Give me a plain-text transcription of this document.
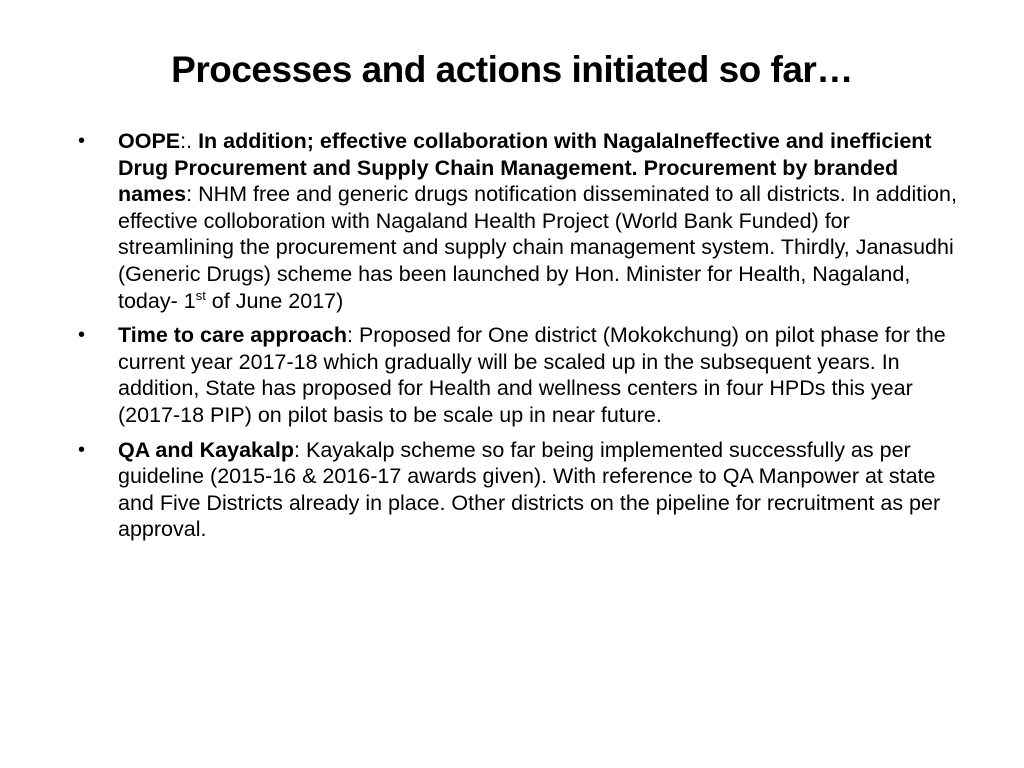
Processes and actions initiated so far…
• OOPE:. In addition; effective collaboration with NagalaIneffective and inefficient Drug Procurement and Supply Chain Management. Procurement by branded names: NHM free and generic drugs notification disseminated to all districts. In addition, effective colloboration with Nagaland Health Project (World Bank Funded) for streamlining the procurement and supply chain management system. Thirdly, Janasudhi (Generic Drugs) scheme has been launched by Hon. Minister for Health, Nagaland, today- 1st of June 2017)
• Time to care approach: Proposed for One district (Mokokchung) on pilot phase for the current year 2017-18 which gradually will be scaled up in the subsequent years. In addition, State has proposed for Health and wellness centers in four HPDs this year (2017-18 PIP) on pilot basis to be scale up in near future.
• QA and Kayakalp: Kayakalp scheme so far being implemented successfully as per guideline (2015-16 & 2016-17 awards given). With reference to QA Manpower at state and Five Districts already in place. Other districts on the pipeline for recruitment as per approval.
